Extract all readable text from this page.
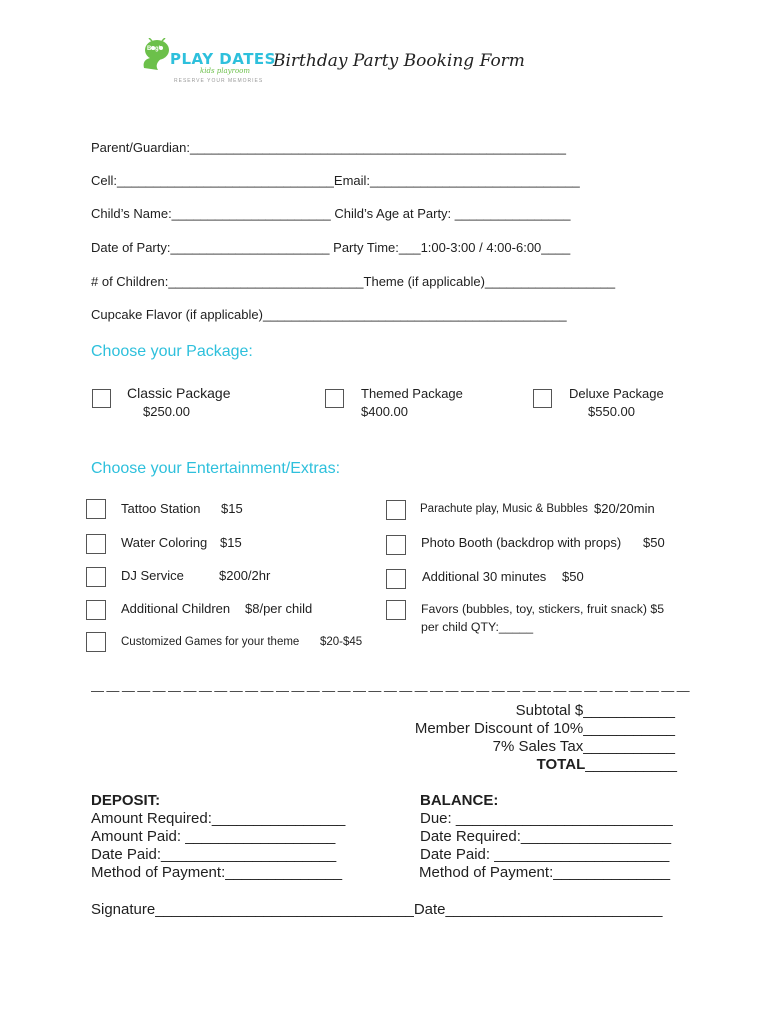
Bug'
PLAY DATES
kids playroom
RESERVE YOUR MEMORIES
Birthday Party Booking Form
Parent/Guardian:____________________________________________________
Cell:______________________________Email:_____________________________
Child’s Name:______________________ Child’s Age at Party: ________________
Date of Party:______________________ Party Time:___1:00-3:00 / 4:00-6:00____
# of Children:___________________________Theme (if applicable)__________________
Cupcake Flavor (if applicable)__________________________________________
Choose your Package:
Classic Package
$250.00
Themed Package
$400.00
Deluxe Package
$550.00
Choose your Entertainment/Extras:
Tattoo Station $15
Water Coloring $15
DJ Service	$200/2hr
Additional Children $8/per child
Customized Games for your theme $20-$45
Parachute play, Music & Bubbles $20/20min
Photo Booth (backdrop with props) $50
Additional 30 minutes $50
Favors (bubbles, toy, stickers, fruit snack) $5
per child QTY:_____
— — — — — — — — — — — — — — — — — — — — — — — — — — — — — — — — — — — — — — —
Subtotal $___________
Member Discount of 10%___________
7% Sales Tax___________
TOTAL___________
DEPOSIT:
Amount Required:________________
Amount Paid: __________________
Date Paid:_____________________
Method of Payment:______________
BALANCE:
Due: __________________________
Date Required:__________________
Date Paid: _____________________
Method of Payment:______________
Signature_______________________________Date__________________________
